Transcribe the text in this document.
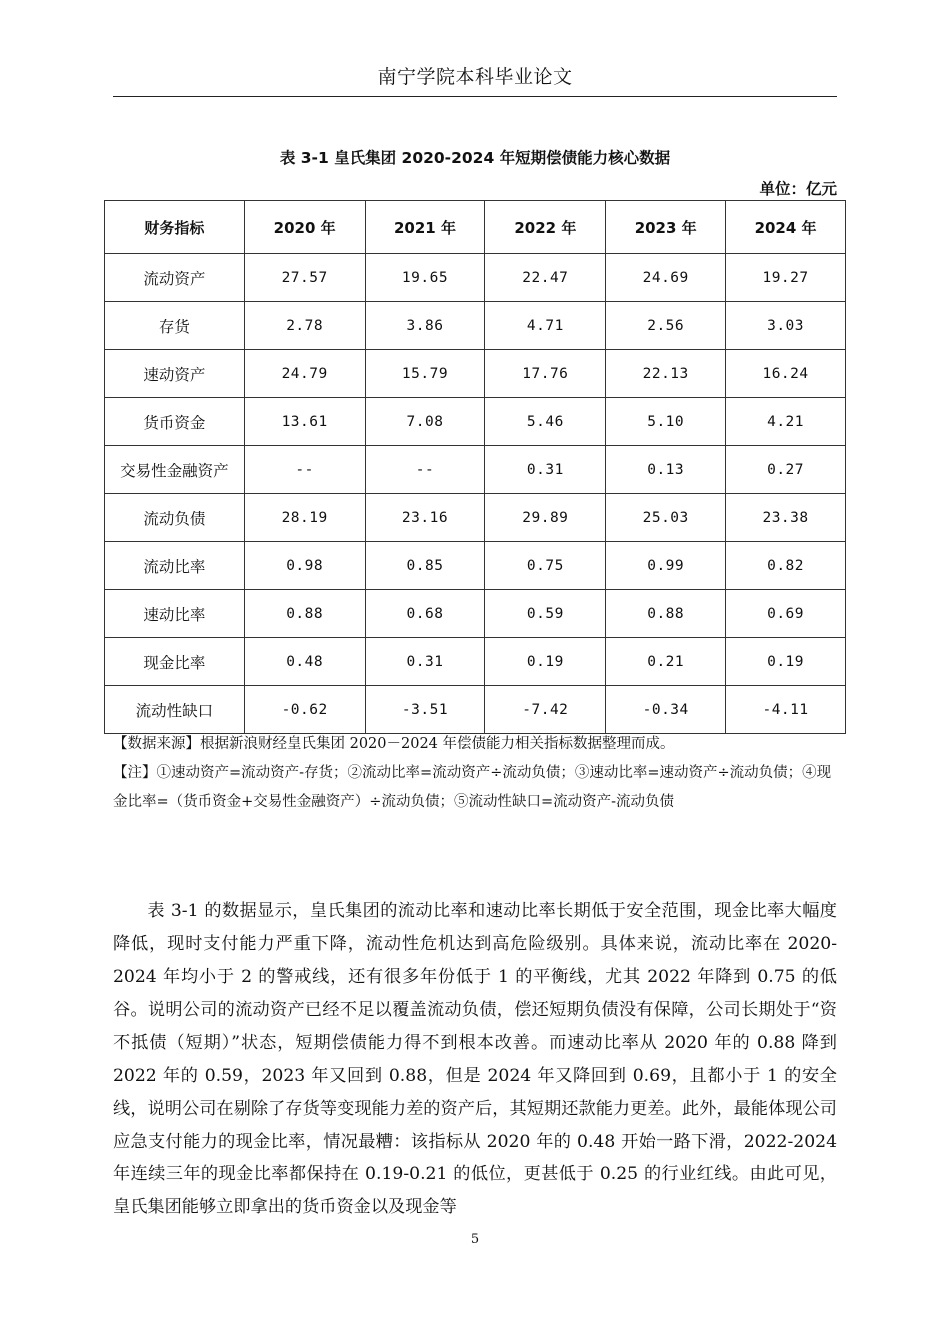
南宁学院本科毕业论文
表 3-1 皇氏集团 2020-2024 年短期偿债能力核心数据
单位：亿元
财务指标	2020 年	2021 年	2022 年	2023 年	2024 年
流动资产	27.57	19.65	22.47	24.69	19.27
存货	2.78	3.86	4.71	2.56	3.03
速动资产	24.79	15.79	17.76	22.13	16.24
货币资金	13.61	7.08	5.46	5.10	4.21
交易性金融资产	--	--	0.31	0.13	0.27
流动负债	28.19	23.16	29.89	25.03	23.38
流动比率	0.98	0.85	0.75	0.99	0.82
速动比率	0.88	0.68	0.59	0.88	0.69
现金比率	0.48	0.31	0.19	0.21	0.19
流动性缺口	-0.62	-3.51	-7.42	-0.34	-4.11

【数据来源】根据新浪财经皇氏集团 2020－2024 年偿债能力相关指标数据整理而成。

【注】①速动资产=流动资产-存货；②流动比率=流动资产÷流动负债；③速动比率=速动资产÷流动负债；④现金比率=（货币资金+交易性金融资产）÷流动负债；⑤流动性缺口=流动资产-流动负债

表 3-1 的数据显示，皇氏集团的流动比率和速动比率长期低于安全范围，现金比率大幅度降低，现时支付能力严重下降，流动性危机达到高危险级别。具体来说，流动比率在 2020-2024 年均小于 2 的警戒线，还有很多年份低于 1 的平衡线，尤其 2022 年降到 0.75 的低谷。说明公司的流动资产已经不足以覆盖流动负债，偿还短期负债没有保障，公司长期处于“资不抵债（短期）”状态，短期偿债能力得不到根本改善。而速动比率从 2020 年的 0.88 降到 2022 年的 0.59，2023 年又回到 0.88，但是 2024 年又降回到 0.69，且都小于 1 的安全线，说明公司在剔除了存货等变现能力差的资产后，其短期还款能力更差。此外，最能体现公司应急支付能力的现金比率，情况最糟：该指标从 2020 年的 0.48 开始一路下滑，2022-2024 年连续三年的现金比率都保持在 0.19-0.21 的低位，更甚低于 0.25 的行业红线。由此可见，皇氏集团能够立即拿出的货币资金以及现金等

5
